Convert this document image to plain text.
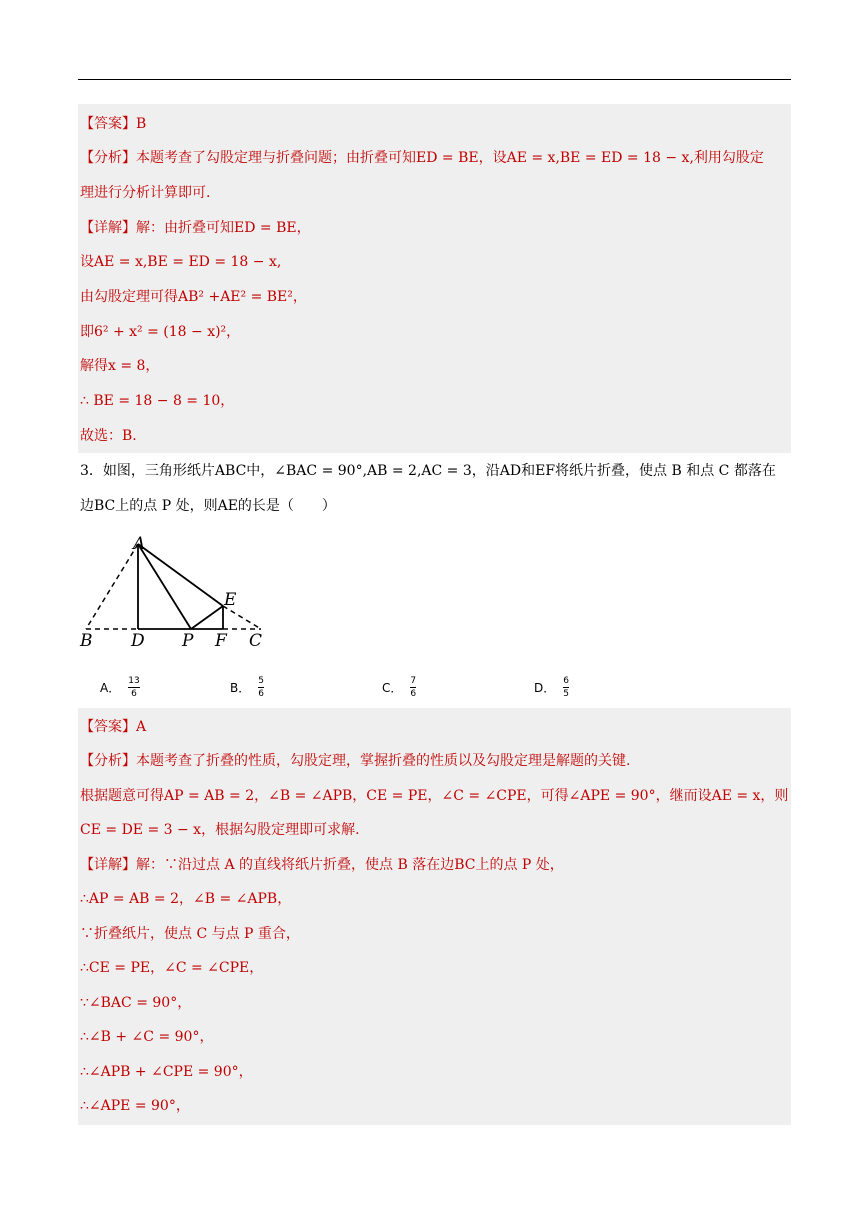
【答案】B
【分析】本题考查了勾股定理与折叠问题；由折叠可知ED = BE，设AE = x,BE = ED = 18 − x,利用勾股定
理进行分析计算即可.
【详解】解：由折叠可知ED = BE，
设AE = x,BE = ED = 18 − x,
由勾股定理可得AB² +AE² = BE²，
即6² + x² = (18 − x)²，
解得x = 8，
∴ BE = 18 − 8 = 10，
故选：B.
3．如图，三角形纸片ABC中，∠BAC = 90°,AB = 2,AC = 3，沿AD和EF将纸片折叠，使点 B 和点 C 都落在
边BC上的点 P 处，则AE的长是（　　）
A
B D P F C
E
A． $\frac{13}{6}$	B． $\frac{5}{6}$	C． $\frac{7}{6}$	D． $\frac{6}{5}$
【答案】A
【分析】本题考查了折叠的性质，勾股定理，掌握折叠的性质以及勾股定理是解题的关键.
根据题意可得AP = AB = 2，∠B = ∠APB，CE = PE，∠C = ∠CPE，可得∠APE = 90°，继而设AE = x，则
CE = DE = 3 − x，根据勾股定理即可求解.
【详解】解：∵沿过点 A 的直线将纸片折叠，使点 B 落在边BC上的点 P 处，
∴AP = AB = 2，∠B = ∠APB，
∵折叠纸片，使点 C 与点 P 重合，
∴CE = PE，∠C = ∠CPE，
∵∠BAC = 90°，
∴∠B + ∠C = 90°，
∴∠APB + ∠CPE = 90°，
∴∠APE = 90°，
